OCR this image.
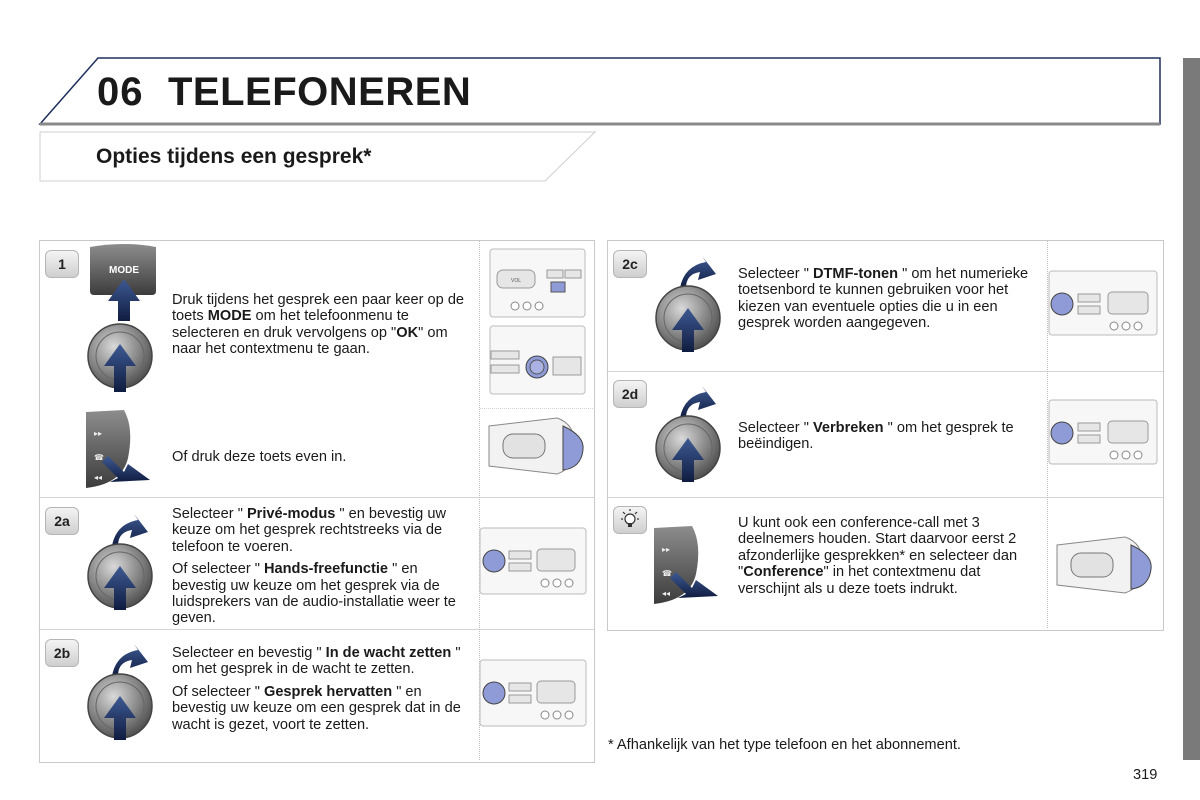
06 TELEFONEREN
Opties tijdens een gesprek*
1	MODE

Druk tijdens het gesprek een paar keer op de toets MODE om het telefoonmenu te selecteren en druk vervolgens op "OK" om naar het contextmenu te gaan.

▸▸
☎
◂◂
Of druk deze toets even in.
VOL
2a	Selecteer " Privé-modus " en bevestig uw keuze om het gesprek rechtstreeks via de telefoon te voeren.

Of selecteer " Hands-freefunctie " en bevestig uw keuze om het gesprek via de luidsprekers van de audio-installatie weer te geven.

2b	Selecteer en bevestig " In de wacht zetten " om het gesprek in de wacht te zetten.

Of selecteer " Gesprek hervatten " en bevestig uw keuze om een gesprek dat in de wacht is gezet, voort te zetten.

2c

Selecteer " DTMF-tonen " om het numerieke toetsenbord te kunnen gebruiken voor het kiezen van eventuele opties die u in een gesprek worden aangegeven.

2d

Selecteer " Verbreken " om het gesprek te beëindigen.

▸▸
☎
◂◂

U kunt ook een conference-call met 3 deelnemers houden. Start daarvoor eerst 2 afzonderlijke gesprekken* en selecteer dan "Conference" in het contextmenu dat verschijnt als u deze toets indrukt.

* Afhankelijk van het type telefoon en het abonnement.
319
